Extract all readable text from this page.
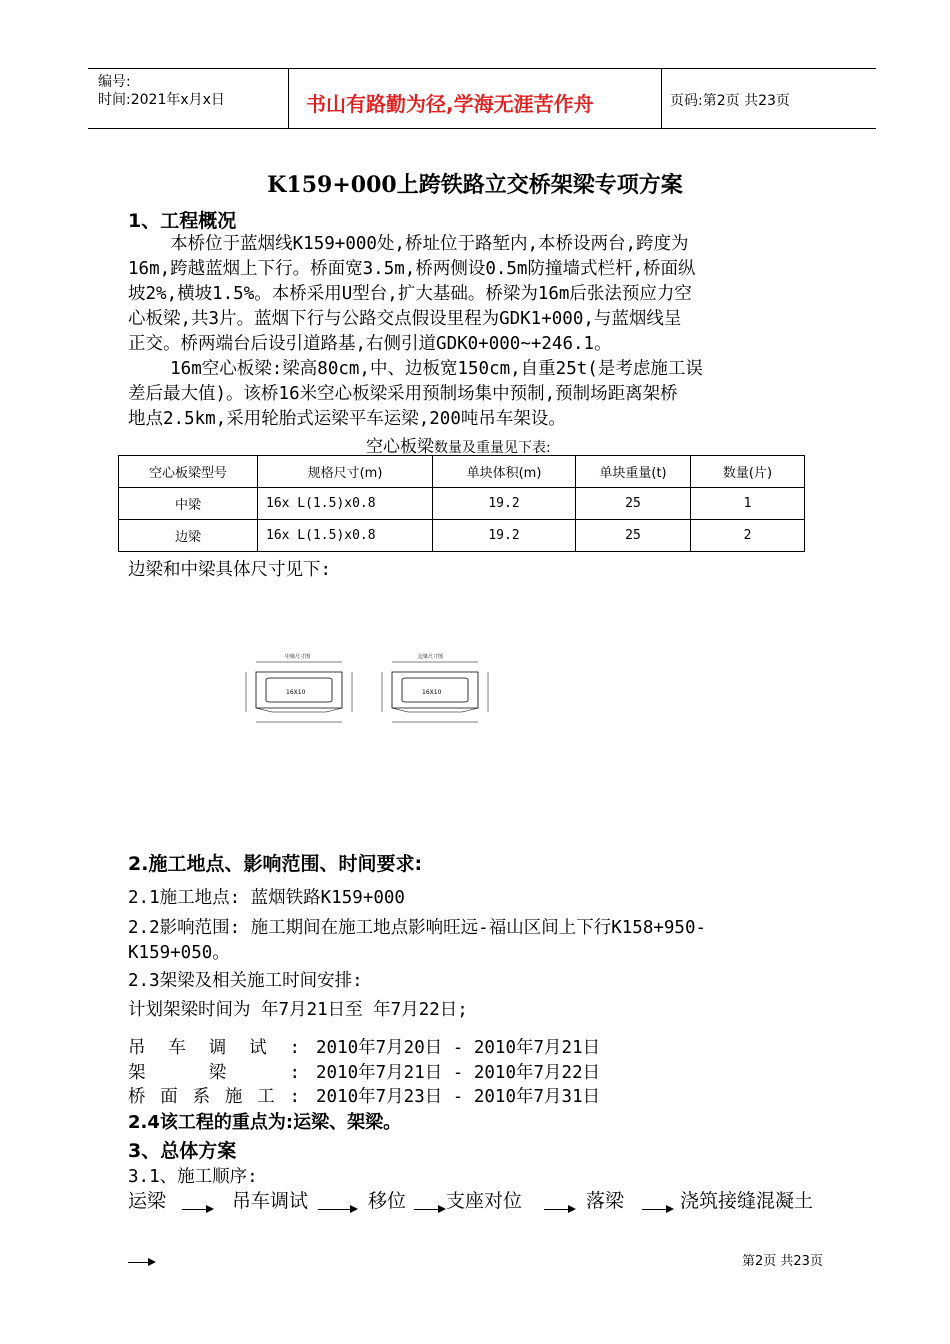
编号:
时间:2021年x月x日	书山有路勤为径,学海无涯苦作舟	页码:第2页 共23页
K159+000上跨铁路立交桥架梁专项方案
1、工程概况
本桥位于蓝烟线K159+000处,桥址位于路堑内,本桥设两台,跨度为
16m,跨越蓝烟上下行。桥面宽3.5m,桥两侧设0.5m防撞墙式栏杆,桥面纵
坡2%,横坡1.5%。本桥采用U型台,扩大基础。桥梁为16m后张法预应力空
心板梁,共3片。蓝烟下行与公路交点假设里程为GDK1+000,与蓝烟线呈
正交。桥两端台后设引道路基,右侧引道GDK0+000~+246.1。
16m空心板梁:梁高80cm,中、边板宽150cm,自重25t(是考虑施工误
差后最大值)。该桥16米空心板梁采用预制场集中预制,预制场距离架桥
地点2.5km,采用轮胎式运梁平车运梁,200吨吊车架设。
空心板梁数量及重量见下表:
空心板梁型号	规格尺寸(m)	单块体积(m)	单块重量(t)	数量(片)
中梁	16x L(1.5)x0.8	19.2	25	1
边梁	16x L(1.5)x0.8	19.2	25	2
边梁和中梁具体尺寸见下:
中梁尺寸图
16X10
边梁尺寸图
16X10
2.施工地点、影响范围、时间要求:
2.1施工地点: 蓝烟铁路K159+000
2.2影响范围: 施工期间在施工地点影响旺远-福山区间上下行K158+950-
K159+050。
2.3架梁及相关施工时间安排:
计划架梁时间为 年7月21日至 年7月22日;
吊车调试: 2010年7月20日 - 2010年7月21日
架梁: 2010年7月21日 - 2010年7月22日
桥面系施工: 2010年7月23日 - 2010年7月31日
2.4该工程的重点为:运梁、架梁。
3、总体方案
3.1、施工顺序:
运梁	吊车调试	移位 支座对位	落梁	浇筑接缝混凝土
第2页 共23页
